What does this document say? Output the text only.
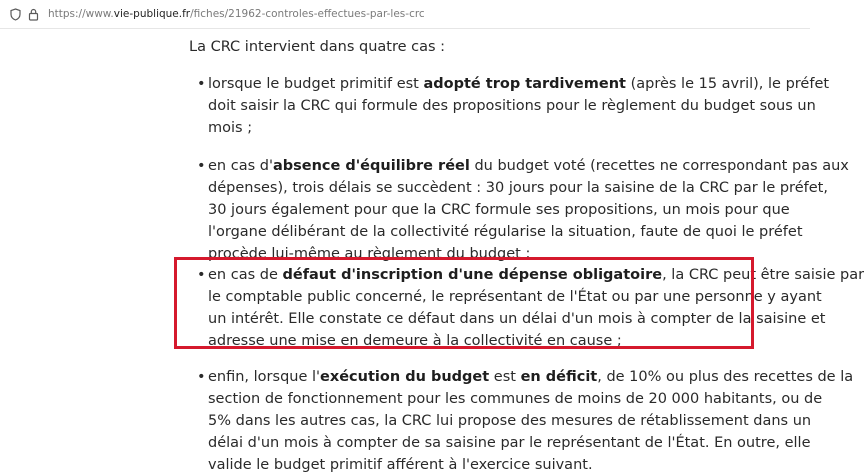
https://www.vie-publique.fr/fiches/21962-controles-effectues-par-les-crc
La CRC intervient dans quatre cas :
• lorsque le budget primitif est adopté trop tardivement (après le 15 avril), le préfet
doit saisir la CRC qui formule des propositions pour le règlement du budget sous un
mois ;
• en cas d'absence d'équilibre réel du budget voté (recettes ne correspondant pas aux
dépenses), trois délais se succèdent : 30 jours pour la saisine de la CRC par le préfet,
30 jours également pour que la CRC formule ses propositions, un mois pour que
l'organe délibérant de la collectivité régularise la situation, faute de quoi le préfet
procède lui-même au règlement du budget ;
• en cas de défaut d'inscription d'une dépense obligatoire, la CRC peut être saisie par
le comptable public concerné, le représentant de l'État ou par une personne y ayant
un intérêt. Elle constate ce défaut dans un délai d'un mois à compter de la saisine et
adresse une mise en demeure à la collectivité en cause ;
• enfin, lorsque l'exécution du budget est en déficit, de 10% ou plus des recettes de la
section de fonctionnement pour les communes de moins de 20 000 habitants, ou de
5% dans les autres cas, la CRC lui propose des mesures de rétablissement dans un
délai d'un mois à compter de sa saisine par le représentant de l'État. En outre, elle
valide le budget primitif afférent à l'exercice suivant.
